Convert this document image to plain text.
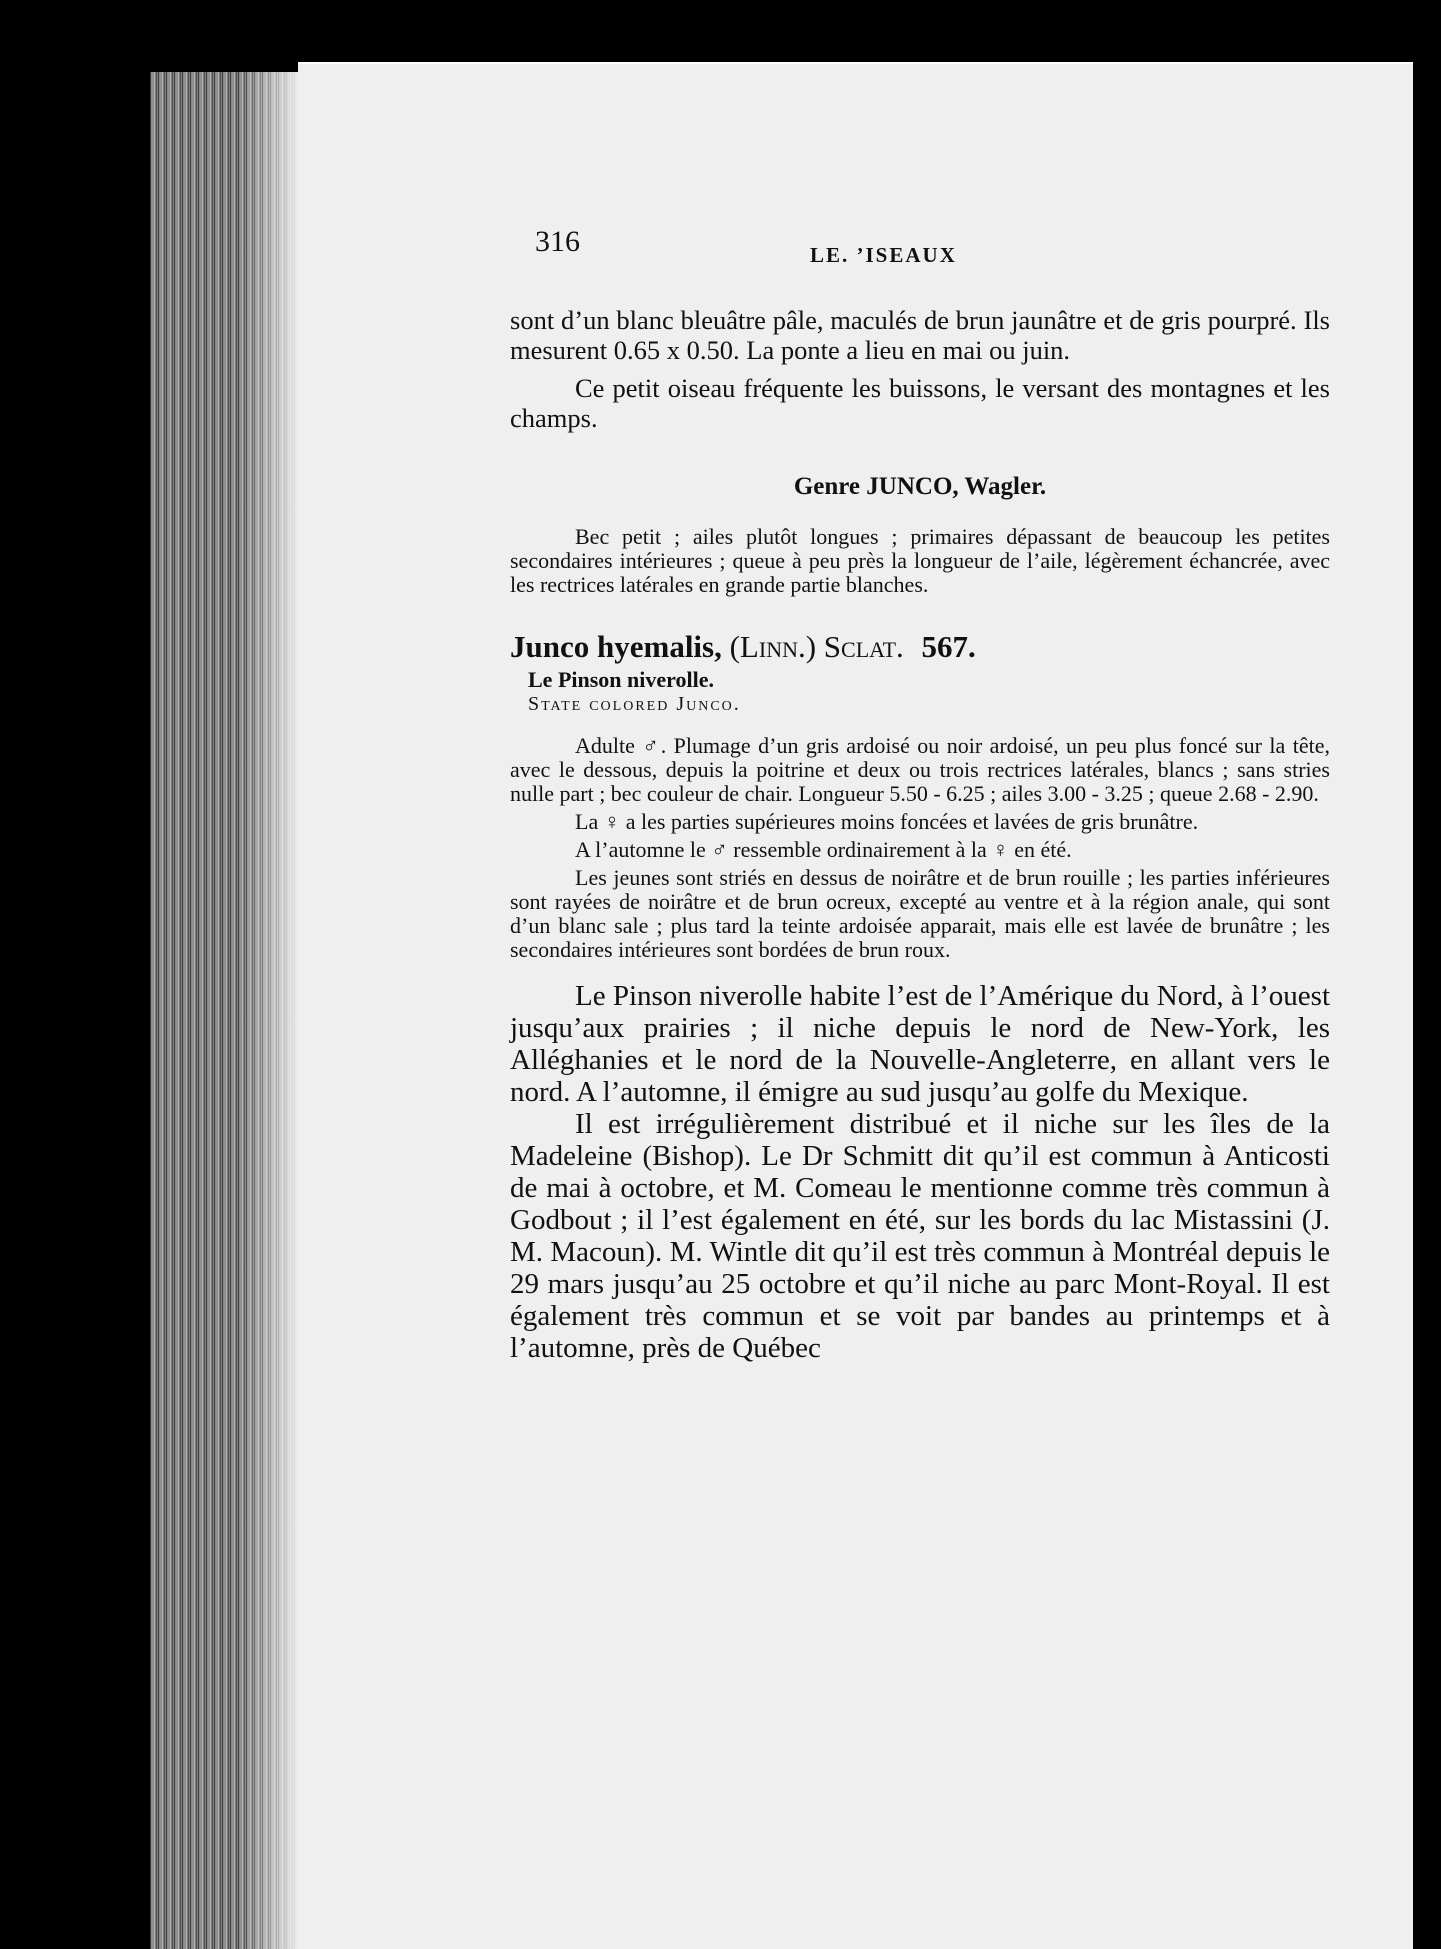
316	LE. ’ISEAUX

sont d’un blanc bleuâtre pâle, maculés de brun jaunâtre et de gris pourpré. Ils mesurent 0.65 x 0.50. La ponte a lieu en mai ou juin.

Ce petit oiseau fréquente les buissons, le versant des montagnes et les champs.

Genre JUNCO, Wagler.

Bec petit ; ailes plutôt longues ; primaires dépassant de beaucoup les petites secondaires intérieures ; queue à peu près la longueur de l’aile, légèrement échancrée, avec les rectrices latérales en grande partie blanches.

Junco hyemalis, (Linn.) Sclat. 567.
Le Pinson niverolle.
State colored Junco.

Adulte ♂. Plumage d’un gris ardoisé ou noir ardoisé, un peu plus foncé sur la tête, avec le dessous, depuis la poitrine et deux ou trois rectrices latérales, blancs ; sans stries nulle part ; bec couleur de chair. Longueur 5.50 - 6.25 ; ailes 3.00 - 3.25 ; queue 2.68 - 2.90.

La ♀ a les parties supérieures moins foncées et lavées de gris brunâtre.

A l’automne le ♂ ressemble ordinairement à la ♀ en été.

Les jeunes sont striés en dessus de noirâtre et de brun rouille ; les parties inférieures sont rayées de noirâtre et de brun ocreux, excepté au ventre et à la région anale, qui sont d’un blanc sale ; plus tard la teinte ardoisée apparait, mais elle est lavée de brunâtre ; les secondaires intérieures sont bordées de brun roux.

Le Pinson niverolle habite l’est de l’Amérique du Nord, à l’ouest jusqu’aux prairies ; il niche depuis le nord de New-York, les Alléghanies et le nord de la Nouvelle-Angleterre, en allant vers le nord. A l’automne, il émigre au sud jusqu’au golfe du Mexique.

Il est irrégulièrement distribué et il niche sur les îles de la Madeleine (Bishop). Le Dr Schmitt dit qu’il est commun à Anticosti de mai à octobre, et M. Comeau le mentionne comme très commun à Godbout ; il l’est également en été, sur les bords du lac Mistassini (J. M. Macoun). M. Wintle dit qu’il est très commun à Montréal depuis le 29 mars jusqu’au 25 octobre et qu’il niche au parc Mont-Royal. Il est également très commun et se voit par bandes au printemps et à l’automne, près de Québec
